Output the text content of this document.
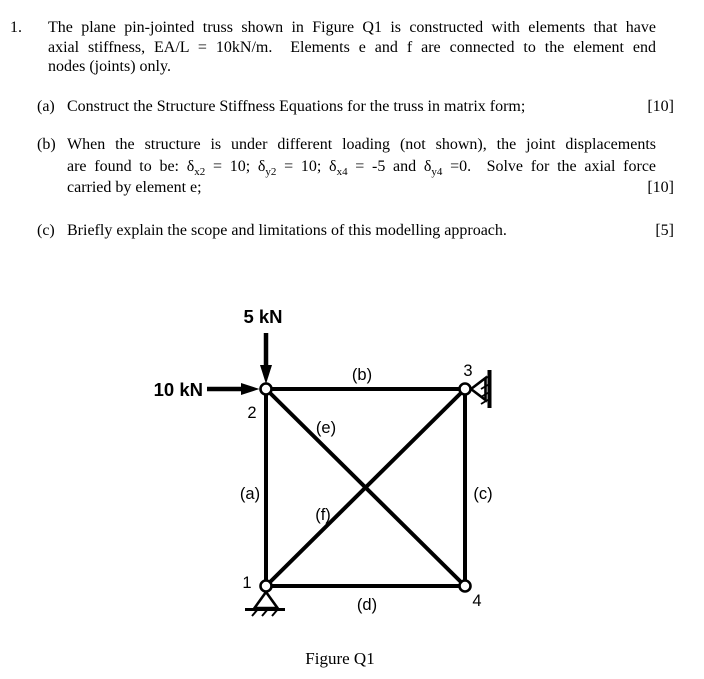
1. The plane pin-jointed truss shown in Figure Q1 is constructed with elements that have
axial stiffness, EA/L = 10kN/m.  Elements e and f are connected to the element end
nodes (joints) only.
(a) Construct the Structure Stiffness Equations for the truss in matrix form;	[10]
(b) When the structure is under different loading (not shown), the joint displacements
are found to be: $\delta_{x2} = 10$; $\delta_{y2} = 10$; $\delta_{x4} = -5$ and $\delta_{y4} =0$.  Solve for the axial force
carried by element e;	[10]
(c) Briefly explain the scope and limitations of this modelling approach.	[5]
5 kN
10 kN
2
3
1
4
(b)
(e)
(a)	(c)
(f)
(d)
Figure Q1
